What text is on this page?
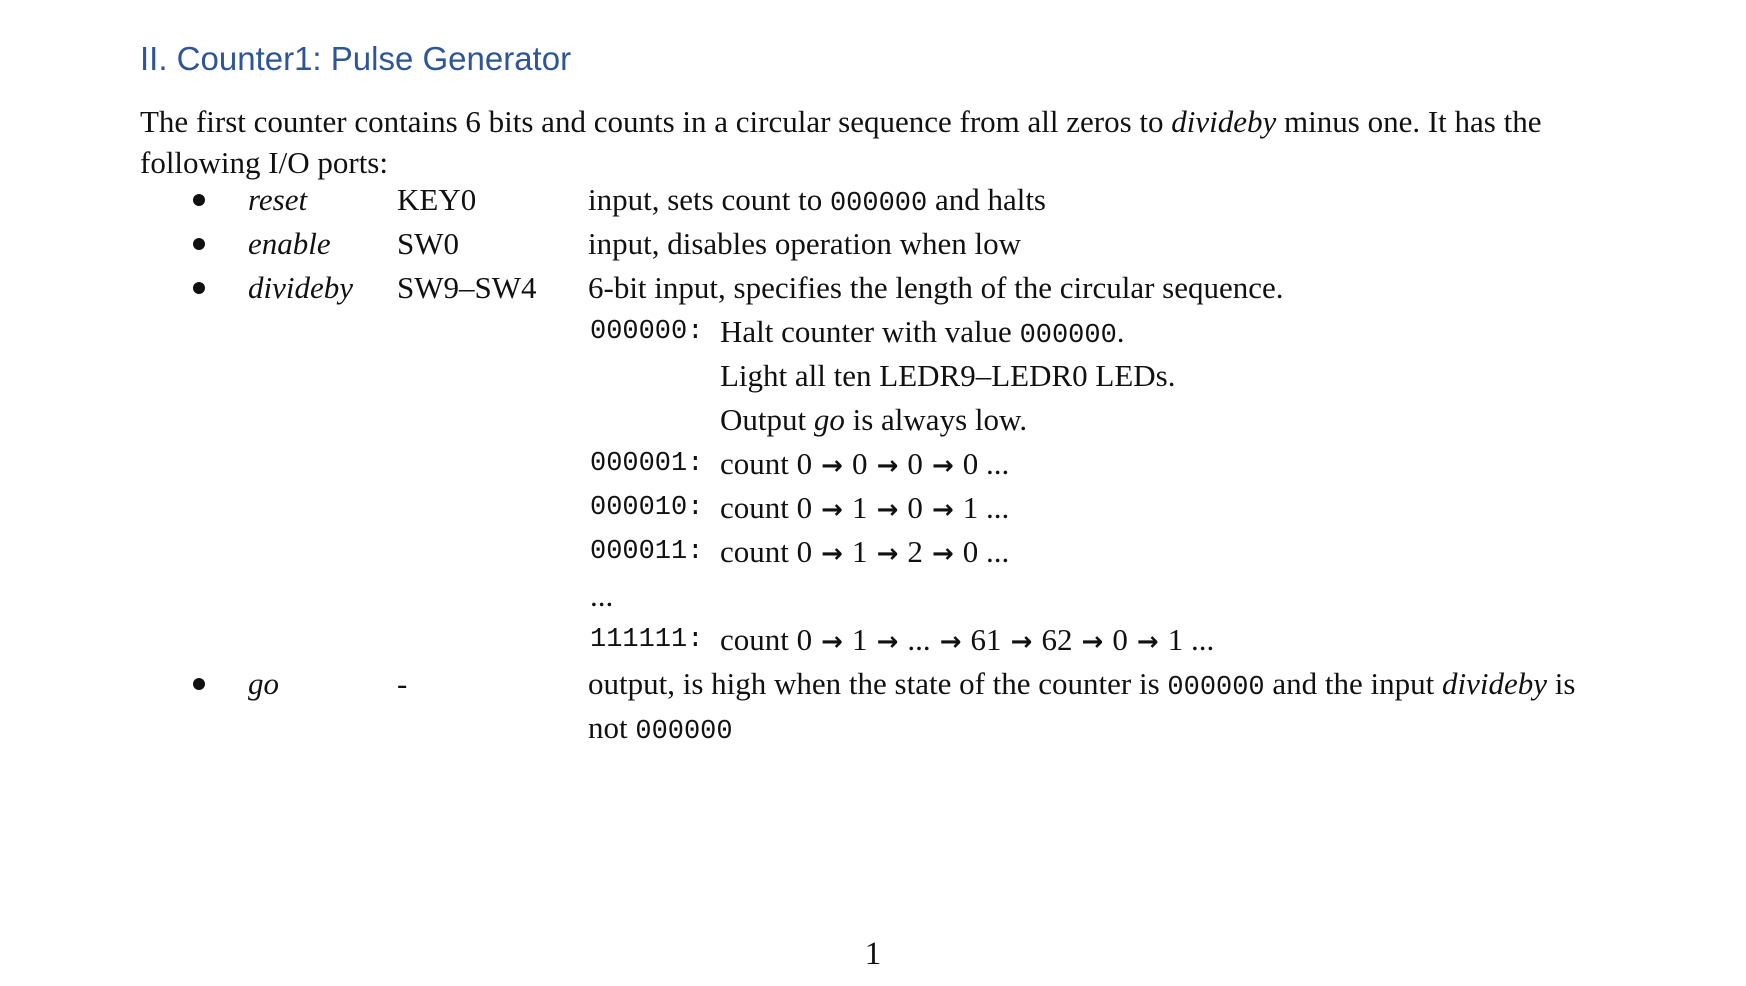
II. Counter1: Pulse Generator

The first counter contains 6 bits and counts in a circular sequence from all zeros to divideby minus one. It has the following I/O ports:

reset	KEY0	input, sets count to 000000 and halts
enable SW0	input, disables operation when low
divideby SW9–SW4 6-bit input, specifies the length of the circular sequence.
000000: Halt counter with value 000000.
Light all ten LEDR9–LEDR0 LEDs.
Output go is always low.
000001: count 0 → 0 → 0 → 0 ...
000010: count 0 → 1 → 0 → 1 ...
000011: count 0 → 1 → 2 → 0 ...
...
111111: count 0 → 1 → ... → 61 → 62 → 0 → 1 ...
go	-	output, is high when the state of the counter is 000000 and the input divideby is
not 000000
1
